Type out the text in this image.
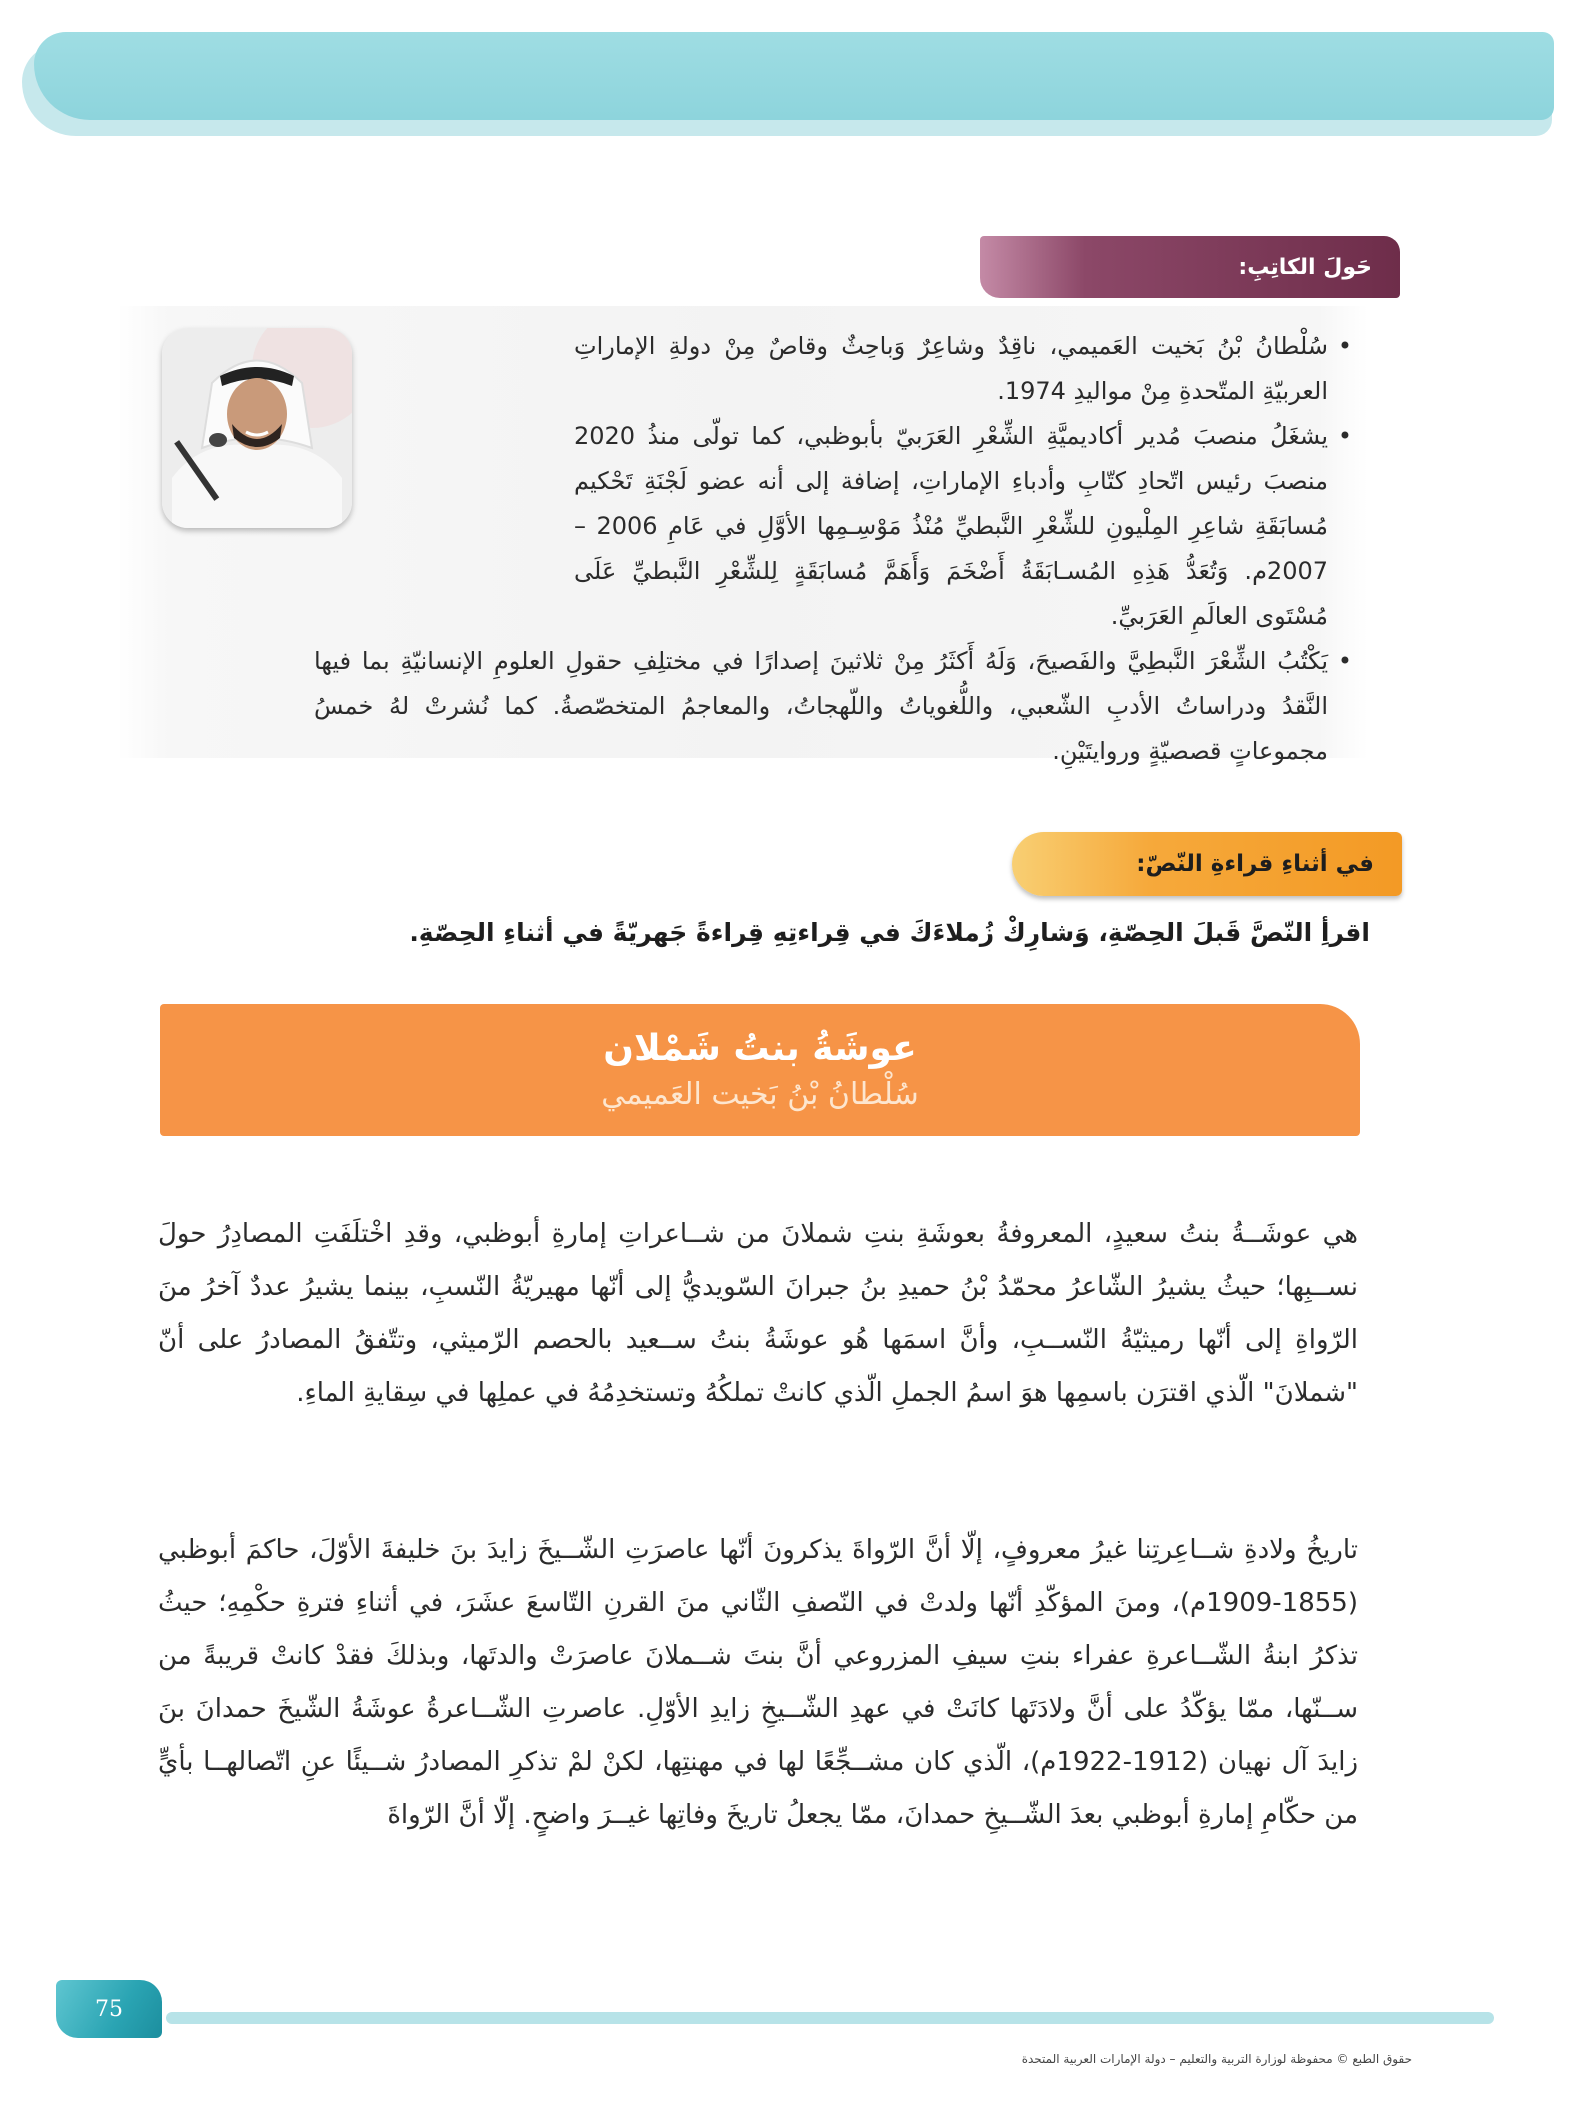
حَولَ الكاتِبِ:
• سُلْطانُ بْنُ بَخيت العَميمي، ناقِدٌ وشاعِرٌ وَباحِثٌ وقاصٌ مِنْ دولةِ الإماراتِ العربيّةِ المتّحدةِ مِنْ مواليدِ 1974.
• يشغَلُ منصبَ مُدير أكاديميَّةِ الشِّعْرِ العَرَبيّ بأبوظبي، كما تولّى منذُ 2020 منصبَ رئيس اتّحادِ كتّابِ وأدباءِ الإماراتِ، إضافة إلى أنه عضو لَجْنَةِ تَحْكيم مُسابَقَةِ شاعِرِ المِلْيونِ للشِّعْرِ النَّبطيِّ مُنْذُ مَوْسِـمِها الأوَّلِ في عَامِ 2006 – 2007م. وَتُعَدُّ هَذِهِ المُسـابَقَةُ أَضْخَمَ وَأَهَمَّ مُسابَقَةٍ لِلشِّعْرِ النَّبطيِّ عَلَى مُسْتَوى العالَمِ العَرَبيِّ.
• يَكْتُبُ الشِّعْرَ النَّبطِيَّ والفَصيحَ، وَلَهُ أَكثَرُ مِنْ ثلاثينَ إصدارًا في مختلِفِ حقولِ العلومِ الإنسانيّةِ بما فيها النَّقدُ ودراساتُ الأدبِ الشّعبي، واللُّغوياتُ واللّهجاتُ، والمعاجمُ المتخصّصةُ. كما نُشرتْ لهُ خمسُ مجموعاتٍ قصصيّةٍ وروايتَيْنِ.
في أثناءِ قراءةِ النّصّ:

اقرأِ النّصَّ قَبلَ الحِصّةِ، وَشارِكْ زُملاءَكَ في قِراءتِهِ قِراءةً جَهريّةً في أثناءِ الحِصّةِ.

عوشَةُ بنتُ شَمْلان
سُلْطانُ بْنُ بَخيت العَميمي

هي عوشَــةُ بنتُ سعيدٍ، المعروفةُ بعوشَةِ بنتِ شملانَ من شــاعراتِ إمارةِ أبوظبي، وقدِ اخْتلَفَتِ المصادِرُ حولَ نســبِها؛ حيثُ يشيرُ الشّاعرُ محمّدُ بْنُ حميدِ بنُ جبرانَ السّويديُّ إلى أنّها مهيريّةُ النّسبِ، بينما يشيرُ عددٌ آخرُ منَ الرّواةِ إلى أنّها رميثيّةُ النّســبِ، وأنَّ اسمَها هُو عوشَةُ بنتُ ســعيد بالحصم الرّميثي، وتتّفقُ المصادرُ على أنّ "شملانَ" الّذي اقترَن باسمِها هوَ اسمُ الجملِ الّذي كانتْ تملكُهُ وتستخدِمُهُ في عملِها في سِقايةِ الماءِ.

تاريخُ ولادةِ شــاعِرتِنا غيرُ معروفٍ، إلّا أنَّ الرّواةَ يذكرونَ أنّها عاصرَتِ الشّــيخَ زايدَ بنَ خليفةَ الأوّلَ، حاكمَ أبوظبي (1855-1909م)، ومنَ المؤكّدِ أنّها ولدتْ في النّصفِ الثّاني منَ القرنِ التّاسعَ عشَرَ، في أثناءِ فترةِ حكْمِهِ؛ حيثُ تذكرُ ابنةُ الشّــاعرةِ عفراء بنتِ سيفِ المزروعي أنَّ بنتَ شــملانَ عاصرَتْ والدتَها، وبذلكَ فقدْ كانتْ قريبةً من ســنّها، ممّا يؤكّدُ على أنَّ ولادَتَها كانَتْ في عهدِ الشّــيخِ زايدِ الأوّلِ. عاصرتِ الشّــاعرةُ عوشَةُ الشّيخَ حمدانَ بنَ زايدَ آل نهيان (1912-1922م)، الّذي كان مشــجِّعًا لها في مهنتِها، لكنْ لمْ تذكرِ المصادرُ شــيئًا عنِ اتّصالهــا بأيٍّ من حكّامِ إمارةِ أبوظبي بعدَ الشّــيخِ حمدانَ، ممّا يجعلُ تاريخَ وفاتِها غيــرَ واضحٍ. إلّا أنَّ الرّواةَ

75
حقوق الطبع © محفوظة لوزارة التربية والتعليم – دولة الإمارات العربية المتحدة
